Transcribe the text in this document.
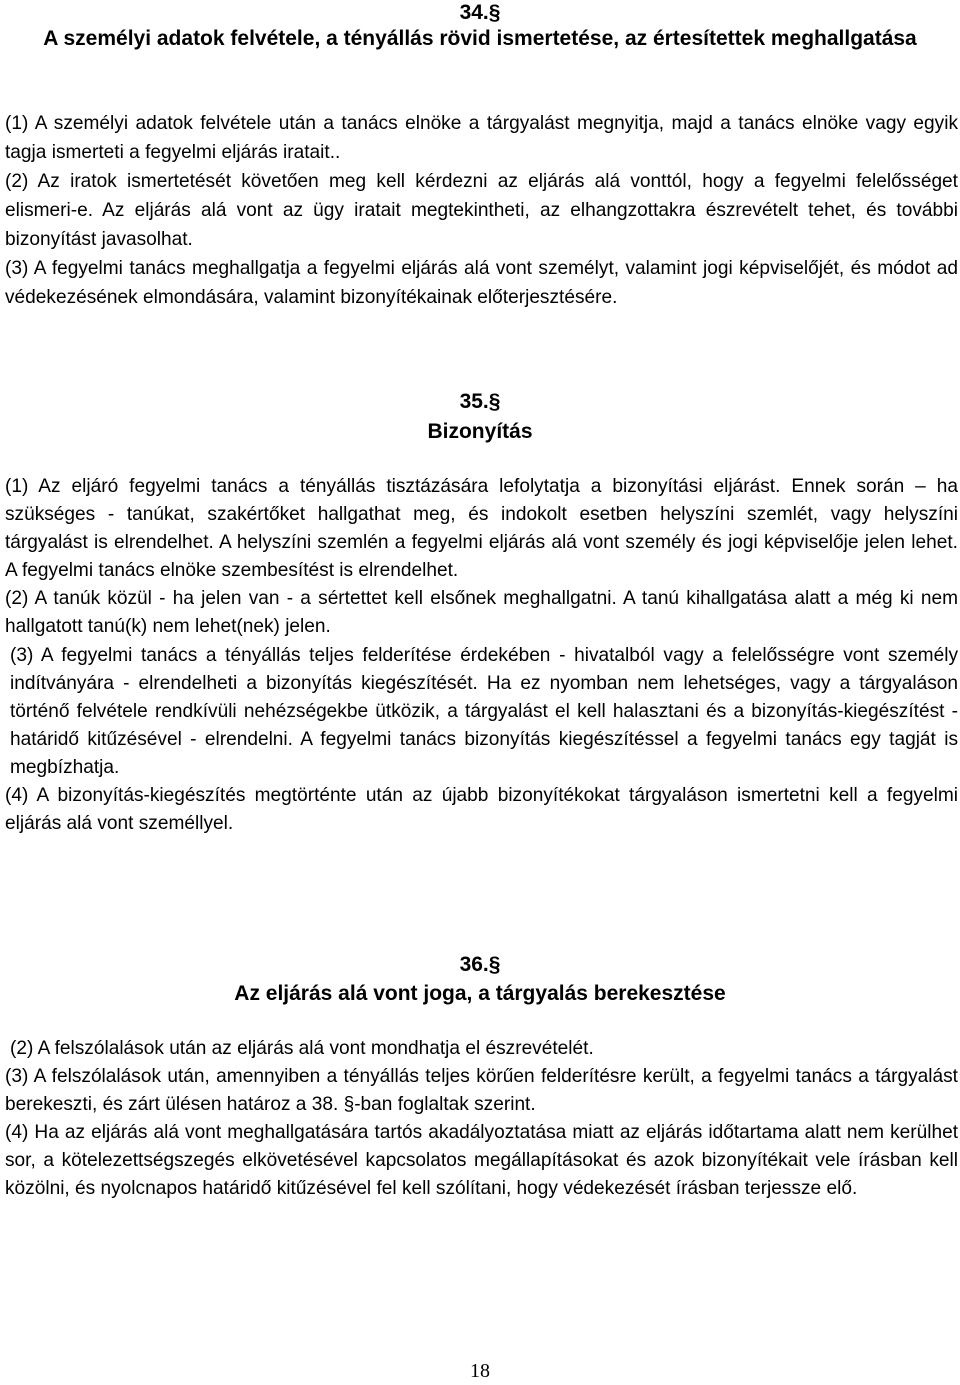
34.§
A személyi adatok felvétele, a tényállás rövid ismertetése, az értesítettek meghallgatása

(1) A személyi adatok felvétele után a tanács elnöke a tárgyalást megnyitja, majd a tanács elnöke vagy egyik tagja ismerteti a fegyelmi eljárás iratait..

(2) Az iratok ismertetését követően meg kell kérdezni az eljárás alá vonttól, hogy a fegyelmi felelősséget elismeri-e. Az eljárás alá vont az ügy iratait megtekintheti, az elhangzottakra észrevételt tehet, és további bizonyítást javasolhat.

(3) A fegyelmi tanács meghallgatja a fegyelmi eljárás alá vont személyt, valamint jogi képviselőjét, és módot ad védekezésének elmondására, valamint bizonyítékainak előterjesztésére.

35.§
Bizonyítás

(1) Az eljáró fegyelmi tanács a tényállás tisztázására lefolytatja a bizonyítási eljárást. Ennek során – ha szükséges - tanúkat, szakértőket hallgathat meg, és indokolt esetben helyszíni szemlét, vagy helyszíni tárgyalást is elrendelhet. A helyszíni szemlén a fegyelmi eljárás alá vont személy és jogi képviselője jelen lehet. A fegyelmi tanács elnöke szembesítést is elrendelhet.

(2) A tanúk közül - ha jelen van - a sértettet kell elsőnek meghallgatni. A tanú kihallgatása alatt a még ki nem hallgatott tanú(k) nem lehet(nek) jelen.

(3) A fegyelmi tanács a tényállás teljes felderítése érdekében - hivatalból vagy a felelősségre vont személy indítványára - elrendelheti a bizonyítás kiegészítését. Ha ez nyomban nem lehetséges, vagy a tárgyaláson történő felvétele rendkívüli nehézségekbe ütközik, a tárgyalást el kell halasztani és a bizonyítás-kiegészítést - határidő kitűzésével - elrendelni. A fegyelmi tanács bizonyítás kiegészítéssel a fegyelmi tanács egy tagját is megbízhatja.

(4) A bizonyítás-kiegészítés megtörténte után az újabb bizonyítékokat tárgyaláson ismertetni kell a fegyelmi eljárás alá vont személlyel.

36.§
Az eljárás alá vont joga, a tárgyalás berekesztése

(2) A felszólalások után az eljárás alá vont mondhatja el észrevételét.

(3) A felszólalások után, amennyiben a tényállás teljes körűen felderítésre került, a fegyelmi tanács a tárgyalást berekeszti, és zárt ülésen határoz a 38. §-ban foglaltak szerint.

(4) Ha az eljárás alá vont meghallgatására tartós akadályoztatása miatt az eljárás időtartama alatt nem kerülhet sor, a kötelezettségszegés elkövetésével kapcsolatos megállapításokat és azok bizonyítékait vele írásban kell közölni, és nyolcnapos határidő kitűzésével fel kell szólítani, hogy védekezését írásban terjessze elő.

18
